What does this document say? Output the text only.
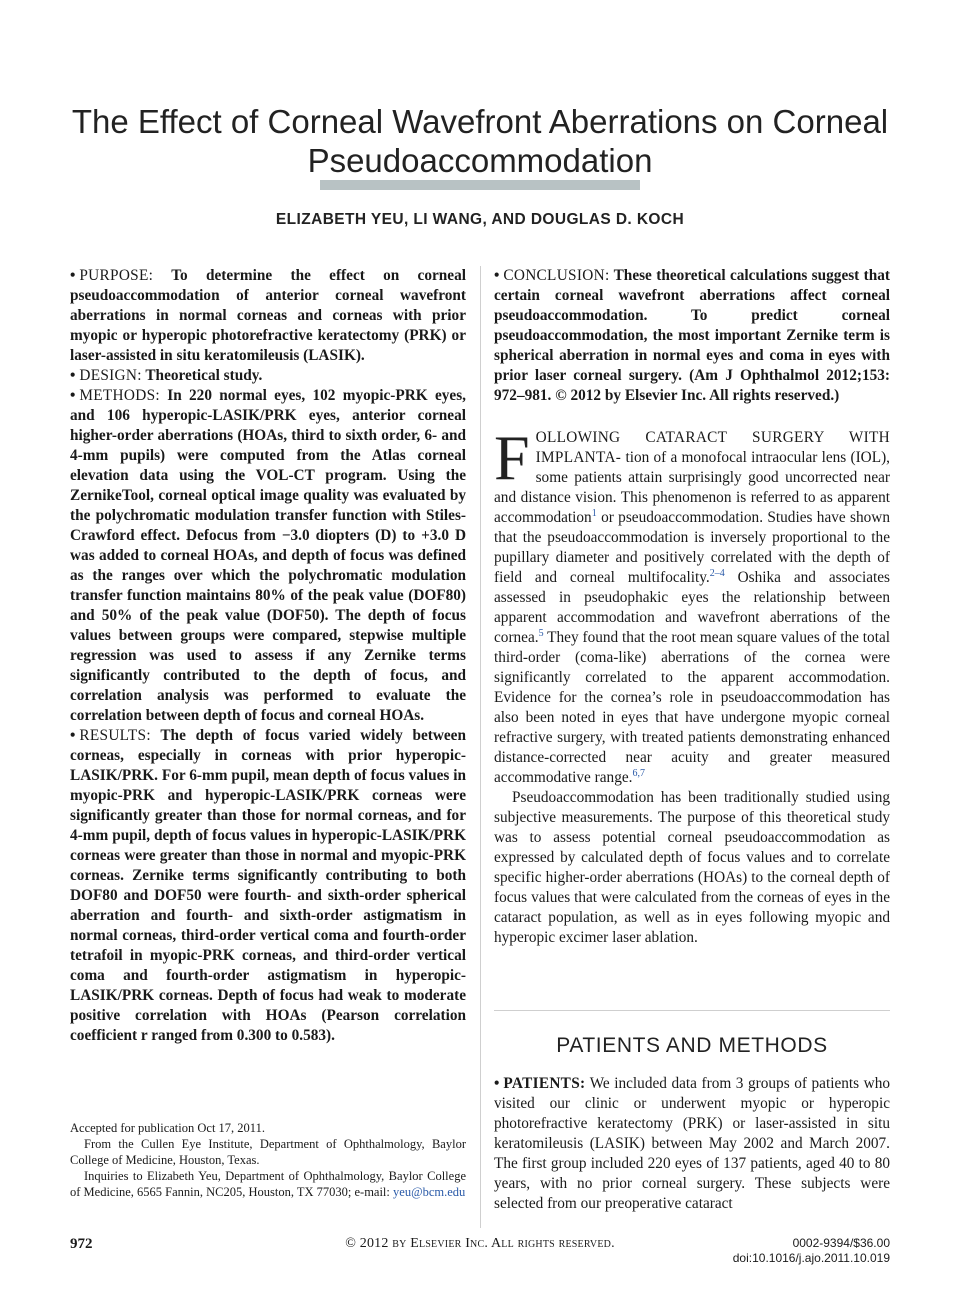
The Effect of Corneal Wavefront Aberrations on Corneal Pseudoaccommodation
ELIZABETH YEU, LI WANG, AND DOUGLAS D. KOCH

• PURPOSE: To determine the effect on corneal pseudoaccommodation of anterior corneal wavefront aberrations in normal corneas and corneas with prior myopic or hyperopic photorefractive keratectomy (PRK) or laser-assisted in situ keratomileusis (LASIK).

• DESIGN: Theoretical study.

• METHODS: In 220 normal eyes, 102 myopic-PRK eyes, and 106 hyperopic-LASIK/PRK eyes, anterior corneal higher-order aberrations (HOAs, third to sixth order, 6- and 4-mm pupils) were computed from the Atlas corneal elevation data using the VOL-CT program. Using the ZernikeTool, corneal optical image quality was evaluated by the polychromatic modulation transfer function with Stiles-Crawford effect. Defocus from −3.0 diopters (D) to +3.0 D was added to corneal HOAs, and depth of focus was defined as the ranges over which the polychromatic modulation transfer function maintains 80% of the peak value (DOF80) and 50% of the peak value (DOF50). The depth of focus values between groups were compared, stepwise multiple regression was used to assess if any Zernike terms significantly contributed to the depth of focus, and correlation analysis was performed to evaluate the correlation between depth of focus and corneal HOAs.

• RESULTS: The depth of focus varied widely between corneas, especially in corneas with prior hyperopic-LASIK/PRK. For 6-mm pupil, mean depth of focus values in myopic-PRK and hyperopic-LASIK/PRK corneas were significantly greater than those for normal corneas, and for 4-mm pupil, depth of focus values in hyperopic-LASIK/PRK corneas were greater than those in normal and myopic-PRK corneas. Zernike terms significantly contributing to both DOF80 and DOF50 were fourth- and sixth-order spherical aberration and fourth- and sixth-order astigmatism in normal corneas, third-order vertical coma and fourth-order tetrafoil in myopic-PRK corneas, and third-order vertical coma and fourth-order astigmatism in hyperopic-LASIK/PRK corneas. Depth of focus had weak to moderate positive correlation with HOAs (Pearson correlation coefficient r ranged from 0.300 to 0.583).

• CONCLUSION: These theoretical calculations suggest that certain corneal wavefront aberrations affect corneal pseudoaccommodation. To predict corneal pseudoaccommodation, the most important Zernike term is spherical aberration in normal eyes and coma in eyes with prior laser corneal surgery. (Am J Ophthalmol 2012;153: 972–981. © 2012 by Elsevier Inc. All rights reserved.)

FOLLOWING CATARACT SURGERY WITH IMPLANTA- tion of a monofocal intraocular lens (IOL), some patients attain surprisingly good uncorrected near and distance vision. This phenomenon is referred to as apparent accommodation$^1$ or pseudoaccommodation. Studies have shown that the pseudoaccommodation is inversely proportional to the pupillary diameter and positively correlated with the depth of field and corneal multifocality.$^{2-4}$ Oshika and associates assessed in pseudophakic eyes the relationship between apparent accommodation and wavefront aberrations of the cornea.$^5$ They found that the root mean square values of the total third-order (coma-like) aberrations of the cornea were significantly correlated to the apparent accommodation. Evidence for the cornea’s role in pseudoaccommodation has also been noted in eyes that have undergone myopic corneal refractive surgery, with treated patients demonstrating enhanced distance-corrected near acuity and greater measured accommodative range.$^{6,7}$

Pseudoaccommodation has been traditionally studied using subjective measurements. The purpose of this theoretical study was to assess potential corneal pseudoaccommodation as expressed by calculated depth of focus values and to correlate specific higher-order aberrations (HOAs) to the corneal depth of focus values that were calculated from the corneas of eyes in the cataract population, as well as in eyes following myopic and hyperopic excimer laser ablation.

PATIENTS AND METHODS

• PATIENTS: We included data from 3 groups of patients who visited our clinic or underwent myopic or hyperopic photorefractive keratectomy (PRK) or laser-assisted in situ keratomileusis (LASIK) between May 2002 and March 2007. The first group included 220 eyes of 137 patients, aged 40 to 80 years, with no prior corneal surgery. These subjects were selected from our preoperative cataract

Accepted for publication Oct 17, 2011.

From the Cullen Eye Institute, Department of Ophthalmology, Baylor College of Medicine, Houston, Texas.

Inquiries to Elizabeth Yeu, Department of Ophthalmology, Baylor College of Medicine, 6565 Fannin, NC205, Houston, TX 77030; e-mail: yeu@bcm.edu

972	© 2012 by Elsevier Inc. All rights reserved.	0002-9394/$36.00
doi:10.1016/j.ajo.2011.10.019
